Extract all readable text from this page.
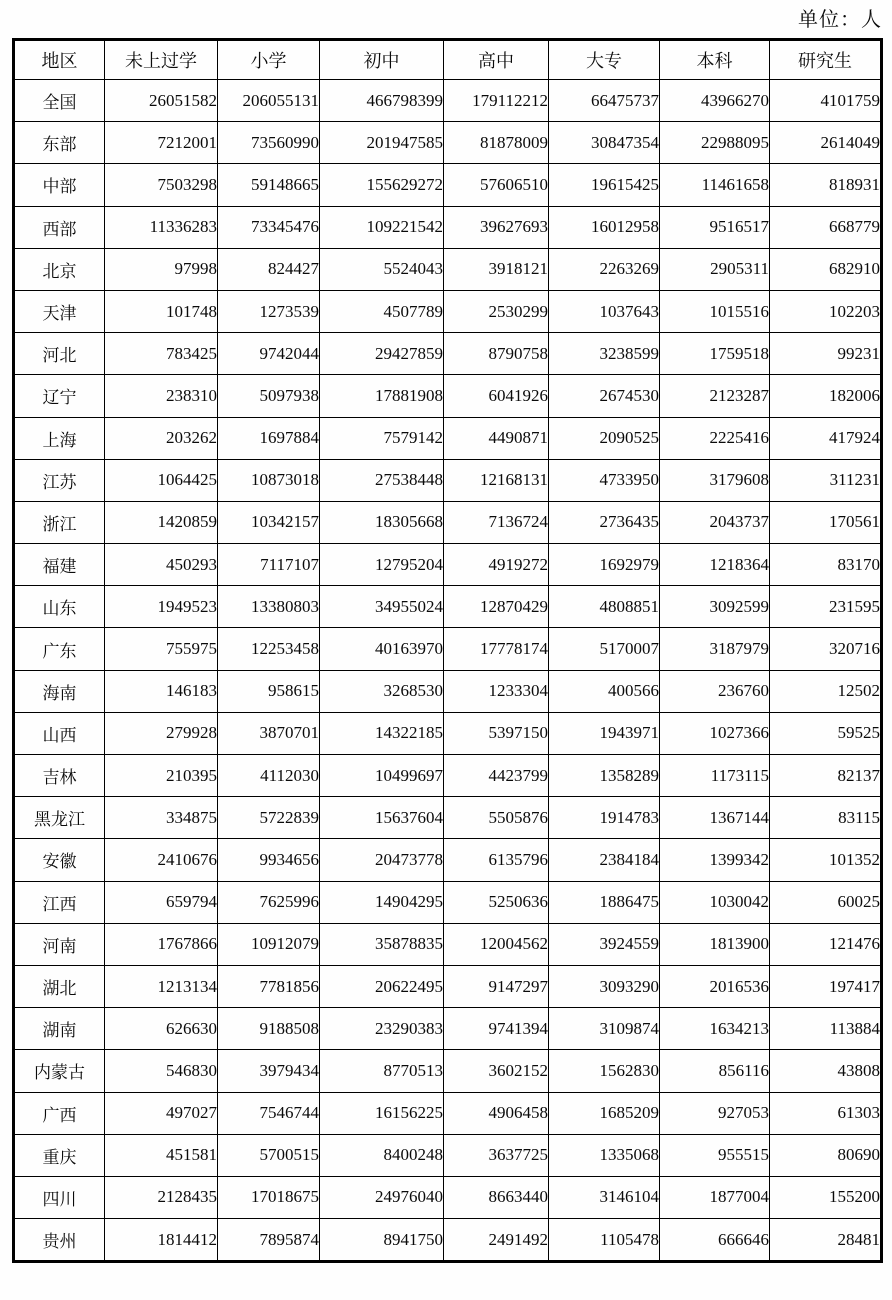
单位：人
地区	未上过学	小学	初中	高中	大专	本科	研究生
全国	26051582	206055131	466798399	179112212	66475737	43966270	4101759
东部	7212001	73560990	201947585	81878009	30847354	22988095	2614049
中部	7503298	59148665	155629272	57606510	19615425	11461658	818931
西部	11336283	73345476	109221542	39627693	16012958	9516517	668779
北京	97998	824427	5524043	3918121	2263269	2905311	682910
天津	101748	1273539	4507789	2530299	1037643	1015516	102203
河北	783425	9742044	29427859	8790758	3238599	1759518	99231
辽宁	238310	5097938	17881908	6041926	2674530	2123287	182006
上海	203262	1697884	7579142	4490871	2090525	2225416	417924
江苏	1064425	10873018	27538448	12168131	4733950	3179608	311231
浙江	1420859	10342157	18305668	7136724	2736435	2043737	170561
福建	450293	7117107	12795204	4919272	1692979	1218364	83170
山东	1949523	13380803	34955024	12870429	4808851	3092599	231595
广东	755975	12253458	40163970	17778174	5170007	3187979	320716
海南	146183	958615	3268530	1233304	400566	236760	12502
山西	279928	3870701	14322185	5397150	1943971	1027366	59525
吉林	210395	4112030	10499697	4423799	1358289	1173115	82137
黑龙江	334875	5722839	15637604	5505876	1914783	1367144	83115
安徽	2410676	9934656	20473778	6135796	2384184	1399342	101352
江西	659794	7625996	14904295	5250636	1886475	1030042	60025
河南	1767866	10912079	35878835	12004562	3924559	1813900	121476
湖北	1213134	7781856	20622495	9147297	3093290	2016536	197417
湖南	626630	9188508	23290383	9741394	3109874	1634213	113884
内蒙古	546830	3979434	8770513	3602152	1562830	856116	43808
广西	497027	7546744	16156225	4906458	1685209	927053	61303
重庆	451581	5700515	8400248	3637725	1335068	955515	80690
四川	2128435	17018675	24976040	8663440	3146104	1877004	155200
贵州	1814412	7895874	8941750	2491492	1105478	666646	28481
